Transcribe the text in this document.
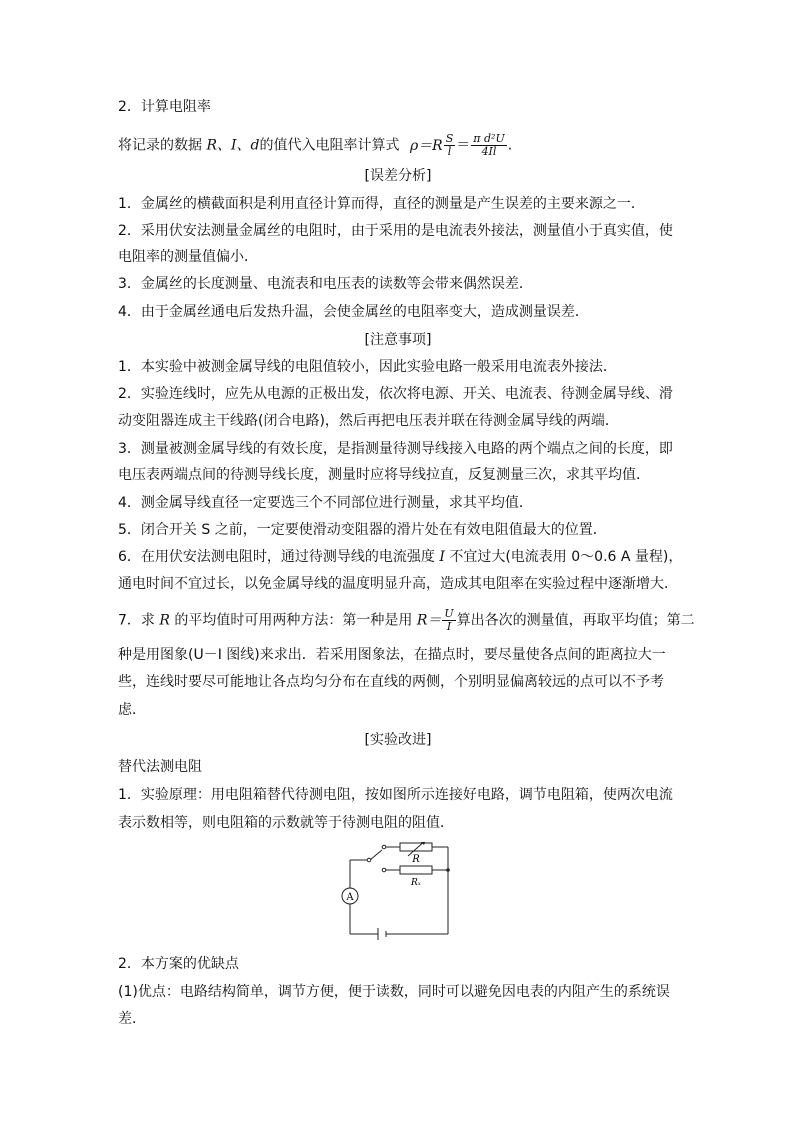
2．计算电阻率
将记录的数据 R、I、d的值代入电阻率计算式 $\rho=R \frac{S}{l} = \frac{\text{π d²U}}{4Il}$ .
[误差分析]
1．金属丝的横截面积是利用直径计算而得，直径的测量是产生误差的主要来源之一．
2．采用伏安法测量金属丝的电阻时，由于采用的是电流表外接法，测量值小于真实值，使
电阻率的测量值偏小．
3．金属丝的长度测量、电流表和电压表的读数等会带来偶然误差．
4．由于金属丝通电后发热升温，会使金属丝的电阻率变大，造成测量误差．
[注意事项]
1．本实验中被测金属导线的电阻值较小，因此实验电路一般采用电流表外接法．
2．实验连线时，应先从电源的正极出发，依次将电源、开关、电流表、待测金属导线、滑
动变阻器连成主干线路(闭合电路)，然后再把电压表并联在待测金属导线的两端．
3．测量被测金属导线的有效长度，是指测量待测导线接入电路的两个端点之间的长度，即
电压表两端点间的待测导线长度，测量时应将导线拉直，反复测量三次，求其平均值．
4．测金属导线直径一定要选三个不同部位进行测量，求其平均值．
5．闭合开关 S 之前，一定要使滑动变阻器的滑片处在有效电阻值最大的位置．
6．在用伏安法测电阻时，通过待测导线的电流强度 I 不宜过大(电流表用 0～0.6 A 量程)，
通电时间不宜过长，以免金属导线的温度明显升高，造成其电阻率在实验过程中逐渐增大．
7．求 R 的平均值时可用两种方法：第一种是用 $R= \frac{U}{I}$ 算出各次的测量值，再取平均值；第二
种是用图象(U－I 图线)来求出．若采用图象法，在描点时，要尽量使各点间的距离拉大一
些，连线时要尽可能地让各点均匀分布在直线的两侧，个别明显偏离较远的点可以不予考
虑．
[实验改进]
替代法测电阻
1．实验原理：用电阻箱替代待测电阻，按如图所示连接好电路，调节电阻箱，使两次电流
表示数相等，则电阻箱的示数就等于待测电阻的阻值．
R
Rₓ
A
2．本方案的优缺点
(1)优点：电路结构简单，调节方便，便于读数，同时可以避免因电表的内阻产生的系统误
差．
